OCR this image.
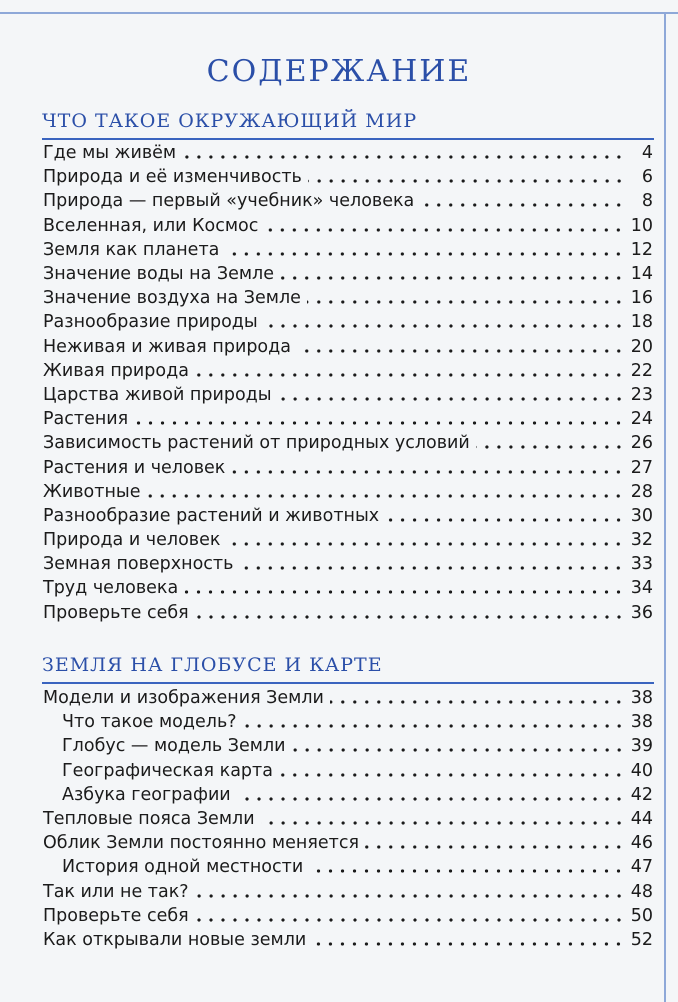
СОДЕРЖАНИЕ
ЧТО ТАКОЕ ОКРУЖАЮЩИЙ МИР
Где мы живём	4
Природа и её изменчивость	6
Природа — первый «учебник» человека	8
Вселенная, или Космос	10
Земля как планета	12
Значение воды на Земле	14
Значение воздуха на Земле	16
Разнообразие природы	18
Неживая и живая природа	20
Живая природа	22
Царства живой природы	23
Растения	24
Зависимость растений от природных условий	26
Растения и человек	27
Животные	28
Разнообразие растений и животных	30
Природа и человек	32
Земная поверхность	33
Труд человека	34
Проверьте себя	36
ЗЕМЛЯ НА ГЛОБУСЕ И КАРТЕ
Модели и изображения Земли	38
Что такое модель?	38
Глобус — модель Земли	39
Географическая карта	40
Азбука географии	42
Тепловые пояса Земли	44
Облик Земли постоянно меняется	46
История одной местности	47
Так или не так?	48
Проверьте себя	50
Как открывали новые земли	52
